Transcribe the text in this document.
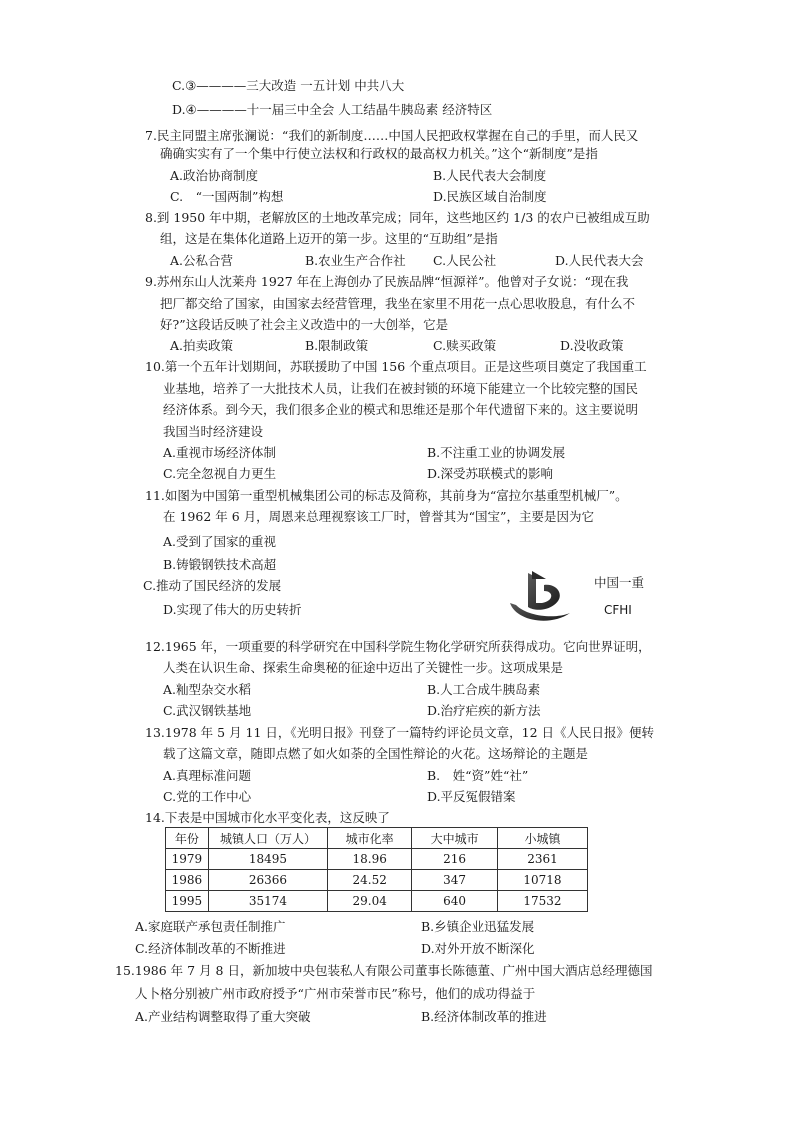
C.③————三大改造 一五计划 中共八大
D.④————十一届三中全会 人工结晶牛胰岛素 经济特区
7.民主同盟主席张澜说：“我们的新制度……中国人民把政权掌握在自己的手里，而人民又
确确实实有了一个集中行使立法权和行政权的最高权力机关。”这个“新制度”是指
A.政治协商制度	B.人民代表大会制度
C.　“一国两制”构想	D.民族区域自治制度
8.到 1950 年中期，老解放区的土地改革完成；同年，这些地区约 1/3 的农户已被组成互助
组，这是在集体化道路上迈开的第一步。这里的“互助组”是指
A.公私合营	B.农业生产合作社 C.人民公社	D.人民代表大会
9.苏州东山人沈莱舟 1927 年在上海创办了民族品牌“恒源祥”。他曾对子女说：“现在我
把厂都交给了国家，由国家去经营管理，我坐在家里不用花一点心思收股息，有什么不
好?”这段话反映了社会主义改造中的一大创举，它是
A.拍卖政策	B.限制政策	C.赎买政策	D.没收政策
10.第一个五年计划期间，苏联援助了中国 156 个重点项目。正是这些项目奠定了我国重工
业基地，培养了一大批技术人员，让我们在被封锁的环境下能建立一个比较完整的国民
经济体系。到今天，我们很多企业的模式和思维还是那个年代遗留下来的。这主要说明
我国当时经济建设
A.重视市场经济体制	B.不注重工业的协调发展
C.完全忽视自力更生	D.深受苏联模式的影响
11.如图为中国第一重型机械集团公司的标志及简称，其前身为“富拉尔基重型机械厂”。
在 1962 年 6 月，周恩来总理视察该工厂时，曾誉其为“国宝”，主要是因为它
A.受到了国家的重视
B.铸锻钢铁技术高超
C.推动了国民经济的发展
D.实现了伟大的历史转折
中国一重
CFHI
12.1965 年，一项重要的科学研究在中国科学院生物化学研究所获得成功。它向世界证明，
人类在认识生命、探索生命奥秘的征途中迈出了关键性一步。这项成果是
A.籼型杂交水稻	B.人工合成牛胰岛素
C.武汉钢铁基地	D.治疗疟疾的新方法
13.1978 年 5 月 11 日，《光明日报》刊登了一篇特约评论员文章，12 日《人民日报》便转
载了这篇文章，随即点燃了如火如荼的全国性辩论的火花。这场辩论的主题是
A.真理标准问题	B.　姓“资”姓“社”
C.党的工作中心	D.平反冤假错案
14.下表是中国城市化水平变化表，这反映了
年份	城镇人口（万人）	城市化率	大中城市	小城镇
1979	18495	18.96	216	2361
1986	26366	24.52	347	10718
1995	35174	29.04	640	17532
A.家庭联产承包责任制推广	B.乡镇企业迅猛发展
C.经济体制改革的不断推进	D.对外开放不断深化
15.1986 年 7 月 8 日，新加坡中央包装私人有限公司董事长陈德董、广州中国大酒店总经理德国
人卜格分别被广州市政府授予“广州市荣誉市民”称号，他们的成功得益于
A.产业结构调整取得了重大突破	B.经济体制改革的推进
